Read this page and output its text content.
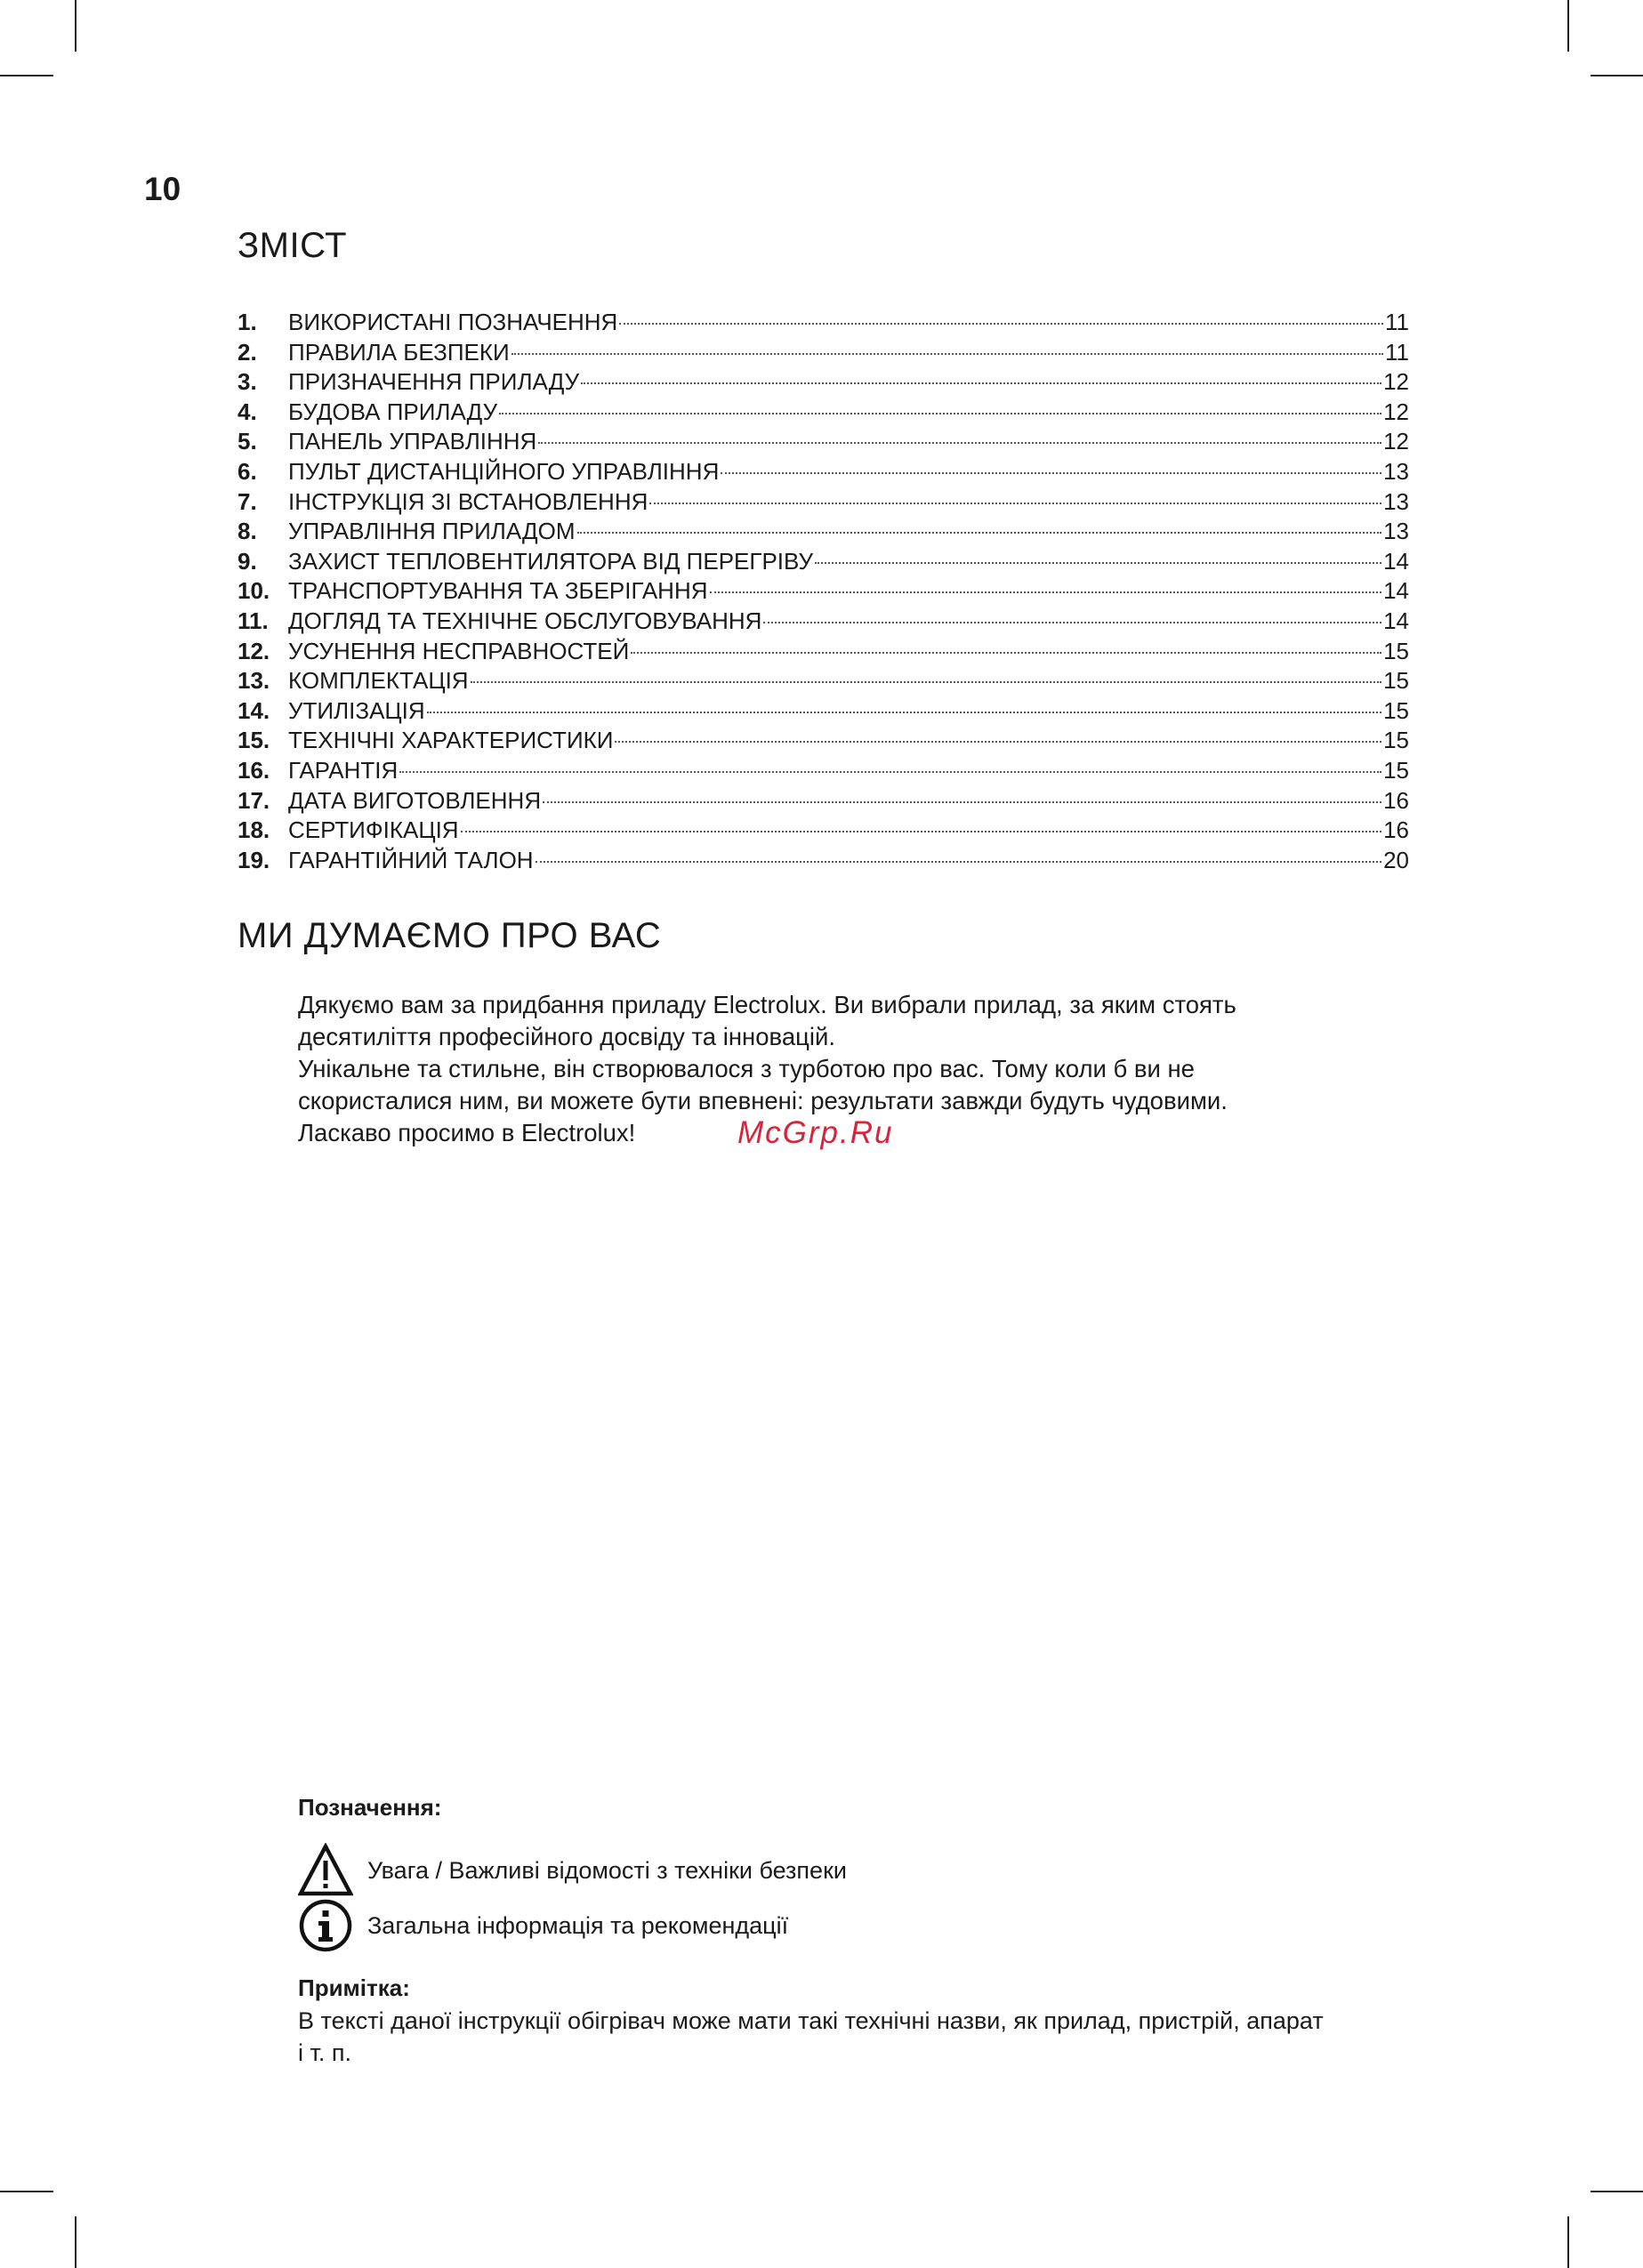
10
ЗМІСТ
1.	ВИКОРИСТАНІ ПОЗНАЧЕННЯ	11
2.	ПРАВИЛА БЕЗПЕКИ	11
3.	ПРИЗНАЧЕННЯ ПРИЛАДУ	12
4.	БУДОВА ПРИЛАДУ	12
5.	ПАНЕЛЬ УПРАВЛІННЯ	12
6.	ПУЛЬТ ДИСТАНЦІЙНОГО УПРАВЛІННЯ	13
7.	ІНСТРУКЦІЯ ЗІ ВСТАНОВЛЕННЯ	13
8.	УПРАВЛІННЯ ПРИЛАДОМ	13
9.	ЗАХИСТ ТЕПЛОВЕНТИЛЯТОРА ВІД ПЕРЕГРІВУ	14
10. ТРАНСПОРТУВАННЯ ТА ЗБЕРІГАННЯ	14
11. ДОГЛЯД ТА ТЕХНІЧНЕ ОБСЛУГОВУВАННЯ	14
12. УСУНЕННЯ НЕСПРАВНОСТЕЙ	15
13. КОМПЛЕКТАЦІЯ	15
14. УТИЛІЗАЦІЯ	15
15. ТЕХНІЧНІ ХАРАКТЕРИСТИКИ	15
16. ГАРАНТІЯ	15
17. ДАТА ВИГОТОВЛЕННЯ	16
18. СЕРТИФІКАЦІЯ	16
19. ГАРАНТІЙНИЙ ТАЛОН	20
МИ ДУМАЄМО ПРО ВАС

Дякуємо вам за придбання приладу Electrolux. Ви вибрали прилад, за яким стоять

десятиліття професійного досвіду та інновацій.

Унікальне та стильне, він створювалося з турботою про вас. Тому коли б ви не

скористалися ним, ви можете бути впевнені: результати завжди будуть чудовими.

Ласкаво просимо в Electrolux!	McGrp.Ru
Позначення:
Увага / Важливі відомості з техніки безпеки
Загальна інформація та рекомендації
Примітка:
В тексті даної інструкції обігрівач може мати такі технічні назви, як прилад, пристрій, апарат
і т. п.
